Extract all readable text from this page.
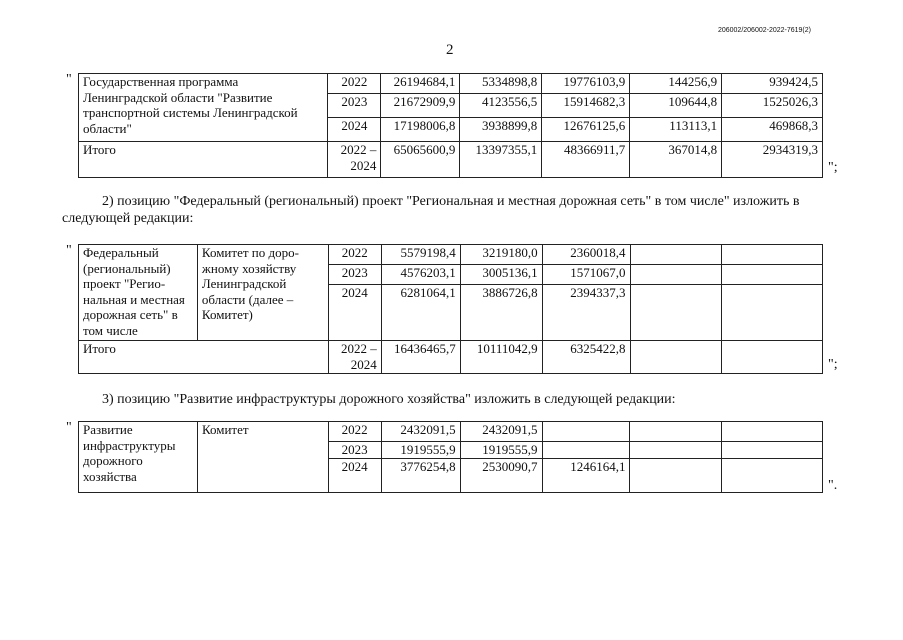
206002/206002-2022-7619(2)
2
" Государственная программа Ленинградской области "Развитие транспортной системы Ленинградской области"	2022	26194684,1	5334898,8	19776103,9	144256,9	939424,5
	2023	21672909,9	4123556,5	15914682,3	109644,8	1525026,3
	2024	17198006,8	3938899,8	12676125,6	113113,1	469868,3
Итого	2022 – 2024	65065600,9	13397355,1	48366911,7	367014,8	2934319,3
";
2) позицию "Федеральный (региональный) проект "Региональная и местная дорожная сеть" в том числе" изложить в следующей редакции:
" Федеральный (региональный) проект "Регио-нальная и местная дорожная сеть" в том числе	Комитет по доро-жному хозяйству Ленинградской области (далее – Комитет)	2022	5579198,4	3219180,0	2360018,4		
		2023	4576203,1	3005136,1	1571067,0		
		2024	6281064,1	3886726,8	2394337,3		
Итого		2022 – 2024	16436465,7	10111042,9	6325422,8		
";
3) позицию "Развитие инфраструктуры дорожного хозяйства" изложить в следующей редакции:
" Развитие инфраструктуры дорожного хозяйства	Комитет	2022	2432091,5	2432091,5			
		2023	1919555,9	1919555,9			
		2024	3776254,8	2530090,7	1246164,1		
".
